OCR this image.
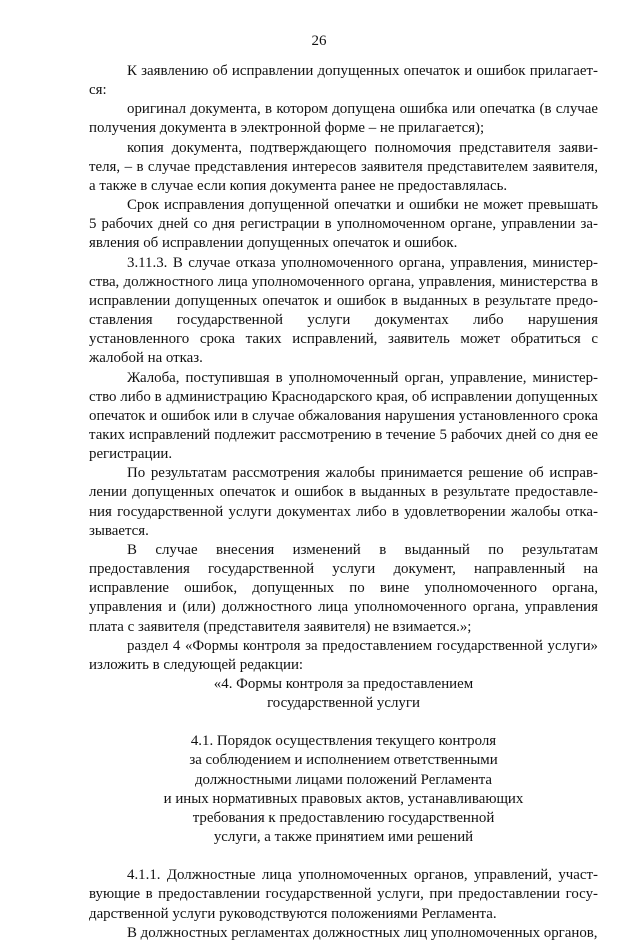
26

К заявлению об исправлении допущенных опечаток и ошибок прилагается:

оригинал документа, в котором допущена ошибка или опечатка (в случае получения документа в электронной форме – не прилагается);

копия документа, подтверждающего полномочия представителя заявителя, – в случае представления интересов заявителя представителем заявителя, а также в случае если копия документа ранее не предоставлялась.

Срок исправления допущенной опечатки и ошибки не может превышать 5 рабочих дней со дня регистрации в уполномоченном органе, управлении заявления об исправлении допущенных опечаток и ошибок.

3.11.3. В случае отказа уполномоченного органа, управления, министерства, должностного лица уполномоченного органа, управления, министерства в исправлении допущенных опечаток и ошибок в выданных в результате предоставления государственной услуги документах либо нарушения установленного срока таких исправлений, заявитель может обратиться с жалобой на отказ.

Жалоба, поступившая в уполномоченный орган, управление, министерство либо в администрацию Краснодарского края, об исправлении допущенных опечаток и ошибок или в случае обжалования нарушения установленного срока таких исправлений подлежит рассмотрению в течение 5 рабочих дней со дня ее регистрации.

По результатам рассмотрения жалобы принимается решение об исправлении допущенных опечаток и ошибок в выданных в результате предоставления государственной услуги документах либо в удовлетворении жалобы отказывается.

В случае внесения изменений в выданный по результатам предоставления государственной услуги документ, направленный на исправление ошибок, допущенных по вине уполномоченного органа, управления и (или) должностного лица уполномоченного органа, управления плата с заявителя (представителя заявителя) не взимается.»;

раздел 4 «Формы контроля за предоставлением государственной услуги» изложить в следующей редакции:

«4. Формы контроля за предоставлением

государственной услуги

4.1. Порядок осуществления текущего контроля

за соблюдением и исполнением ответственными

должностными лицами положений Регламента

и иных нормативных правовых актов, устанавливающих

требования к предоставлению государственной

услуги, а также принятием ими решений

4.1.1. Должностные лица уполномоченных органов, управлений, участвующие в предоставлении государственной услуги, при предоставлении государственной услуги руководствуются положениями Регламента.

В должностных регламентах должностных лиц уполномоченных органов,
